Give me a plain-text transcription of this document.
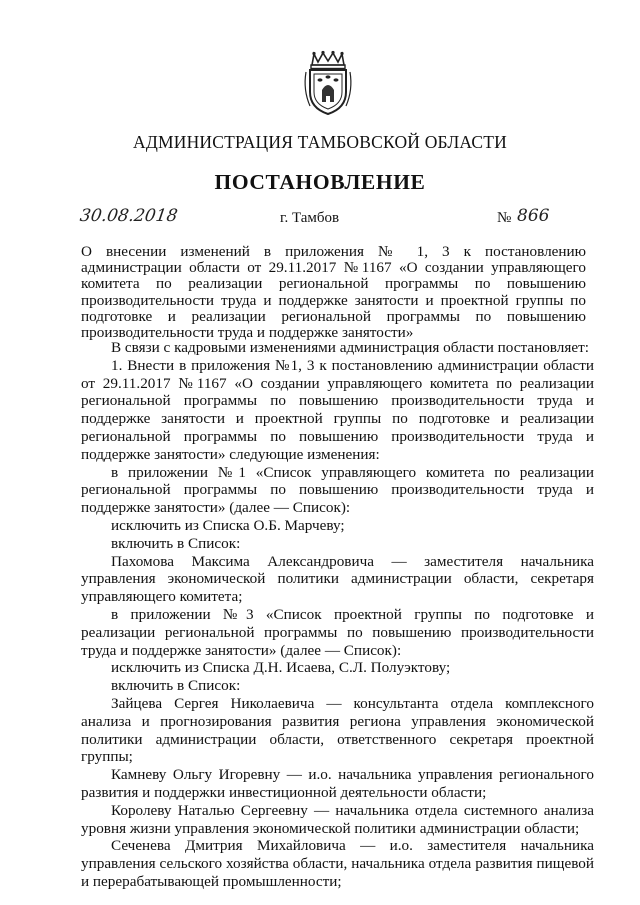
АДМИНИСТРАЦИЯ ТАМБОВСКОЙ ОБЛАСТИ
ПОСТАНОВЛЕНИЕ
30.08.2018	г. Тамбов	№ 866
О внесении изменений в приложения № 1, 3 к постановлению администрации области от 29.11.2017 №1167 «О создании управляющего комитета по реализации региональной программы по повышению производительности труда и поддержке занятости и проектной группы по подготовке и реализации региональной программы по повышению производительности труда и поддержке занятости»

В связи с кадровыми изменениями администрация области постановляет:

1. Внести в приложения №1, 3 к постановлению администрации области от 29.11.2017 №1167 «О создании управляющего комитета по реализации региональной программы по повышению производительности труда и поддержке занятости и проектной группы по подготовке и реализации региональной программы по повышению производительности труда и поддержке занятости» следующие изменения:

в приложении №1 «Список управляющего комитета по реализации региональной программы по повышению производительности труда и поддержке занятости» (далее — Список):

исключить из Списка О.Б. Марчеву;

включить в Список:

Пахомова Максима Александровича — заместителя начальника управления экономической политики администрации области, секретаря управляющего комитета;

в приложении №3 «Список проектной группы по подготовке и реализации региональной программы по повышению производительности труда и поддержке занятости» (далее — Список):

исключить из Списка Д.Н. Исаева, С.Л. Полуэктову;

включить в Список:

Зайцева Сергея Николаевича — консультанта отдела комплексного анализа и прогнозирования развития региона управления экономической политики администрации области, ответственного секретаря проектной группы;

Камневу Ольгу Игоревну — и.о. начальника управления регионального развития и поддержки инвестиционной деятельности области;

Королеву Наталью Сергеевну — начальника отдела системного анализа уровня жизни управления экономической политики администрации области;

Сеченева Дмитрия Михайловича — и.о. заместителя начальника управления сельского хозяйства области, начальника отдела развития пищевой и перерабатывающей промышленности;
